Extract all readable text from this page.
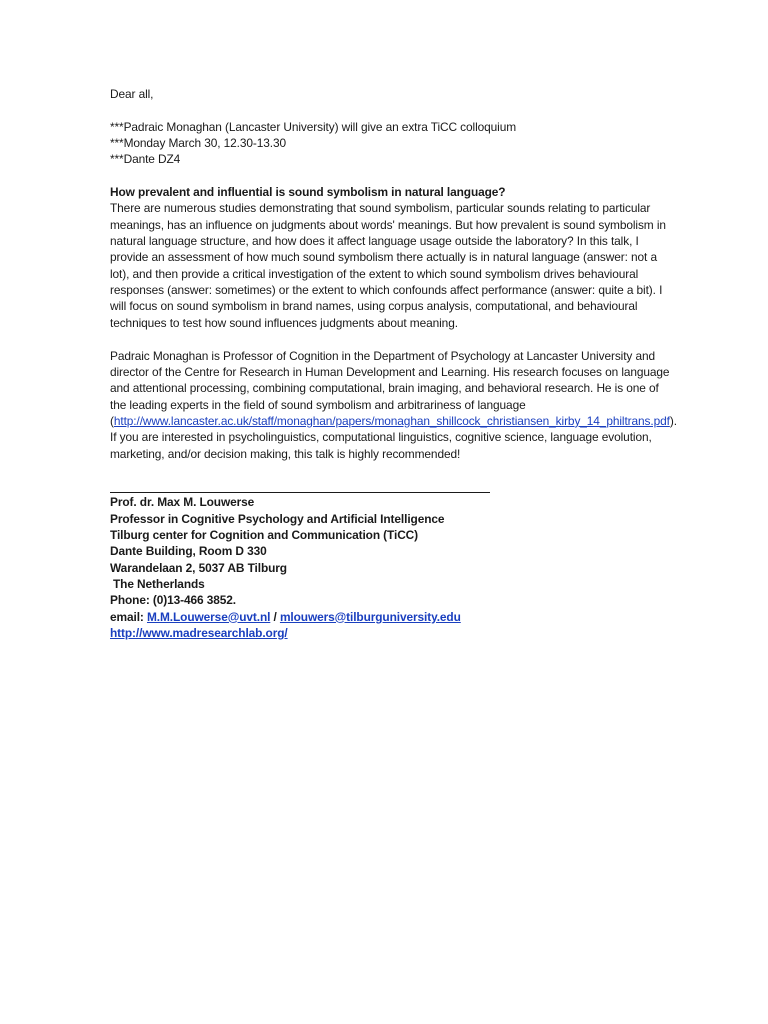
Dear all,

***Padraic Monaghan (Lancaster University) will give an extra TiCC colloquium

***Monday March 30, 12.30-13.30

***Dante DZ4

How prevalent and influential is sound symbolism in natural language?

There are numerous studies demonstrating that sound symbolism, particular sounds relating to particular meanings, has an influence on judgments about words' meanings. But how prevalent is sound symbolism in natural language structure, and how does it affect language usage outside the laboratory? In this talk, I provide an assessment of how much sound symbolism there actually is in natural language (answer: not a lot), and then provide a critical investigation of the extent to which sound symbolism drives behavioural responses (answer: sometimes) or the extent to which confounds affect performance (answer: quite a bit). I will focus on sound symbolism in brand names, using corpus analysis, computational, and behavioural techniques to test how sound influences judgments about meaning.

Padraic Monaghan is Professor of Cognition in the Department of Psychology at Lancaster University and director of the Centre for Research in Human Development and Learning. His research focuses on language and attentional processing, combining computational, brain imaging, and behavioral research. He is one of the leading experts in the field of sound symbolism and arbitrariness of language (http://www.lancaster.ac.uk/staff/monaghan/papers/monaghan_shillcock_christiansen_kirby_14_philtrans.pdf). If you are interested in psycholinguistics, computational linguistics, cognitive science, language evolution, marketing, and/or decision making, this talk is highly recommended!

Prof. dr. Max M. Louwerse

Professor in Cognitive Psychology and Artificial Intelligence

Tilburg center for Cognition and Communication (TiCC)

Dante Building, Room D 330

Warandelaan 2, 5037 AB Tilburg

The Netherlands

Phone: (0)13-466 3852.

email: M.M.Louwerse@uvt.nl / mlouwers@tilburguniversity.edu

http://www.madresearchlab.org/
